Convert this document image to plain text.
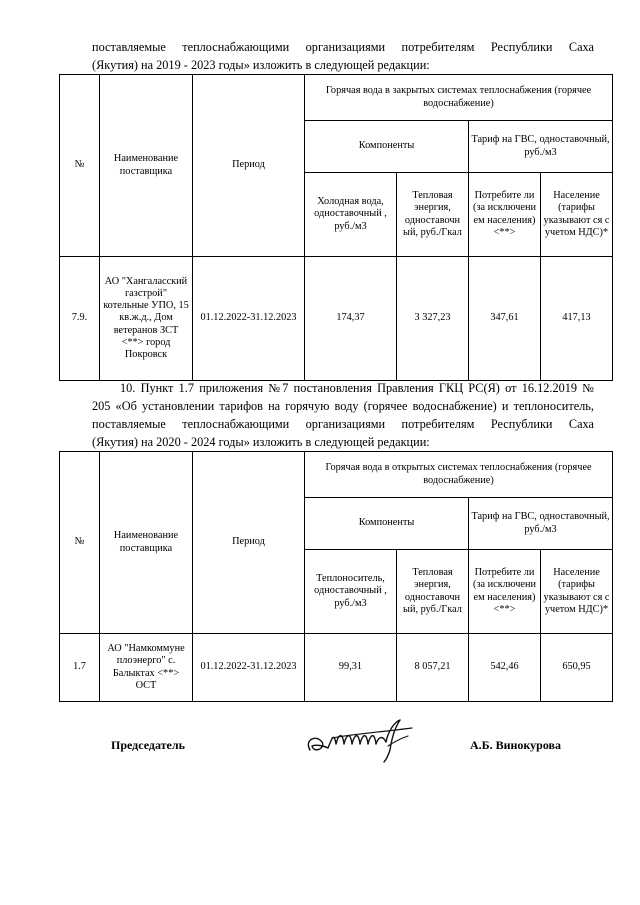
поставляемые теплоснабжающими организациями потребителям Республики Саха
(Якутия) на 2019 - 2023 годы» изложить в следующей редакции:
№	Наименование поставщика	Период	Горячая вода в закрытых системах теплоснабжения (горячее водоснабжение)			
			Компоненты		Тариф на ГВС, одноставочный, руб./м3	
			Холодная вода, одноставочный , руб./м3	Тепловая энергия, одноставочн ый, руб./Гкал	Потребите ли (за исключени ем населения) <**>	Население (тарифы указывают ся с учетом НДС)*
7.9.	АО "Хангаласский газстрой" котельные УПО, 15 кв.ж.д., Дом ветеранов ЗСТ <**> город Покровск	01.12.2022-31.12.2023	174,37	3 327,23	347,61	417,13
10. Пункт 1.7 приложения №7 постановления Правления ГКЦ РС(Я) от 16.12.2019 №
205 «Об установлении тарифов на горячую воду (горячее водоснабжение) и теплоноситель,
поставляемые теплоснабжающими организациями потребителям Республики Саха
(Якутия) на 2020 - 2024 годы» изложить в следующей редакции:
№	Наименование поставщика	Период	Горячая вода в открытых системах теплоснабжения (горячее водоснабжение)			
			Компоненты		Тариф на ГВС, одноставочный, руб./м3	
			Теплоноситель, одноставочный , руб./м3	Тепловая энергия, одноставочн ый, руб./Гкал	Потребите ли (за исключени ем населения) <**>	Население (тарифы указывают ся с учетом НДС)*
1.7	АО "Намкоммуне плоэнерго" с. Балыктах <**> ОСТ	01.12.2022-31.12.2023	99,31	8 057,21	542,46	650,95
Председатель	А.Б. Винокурова
